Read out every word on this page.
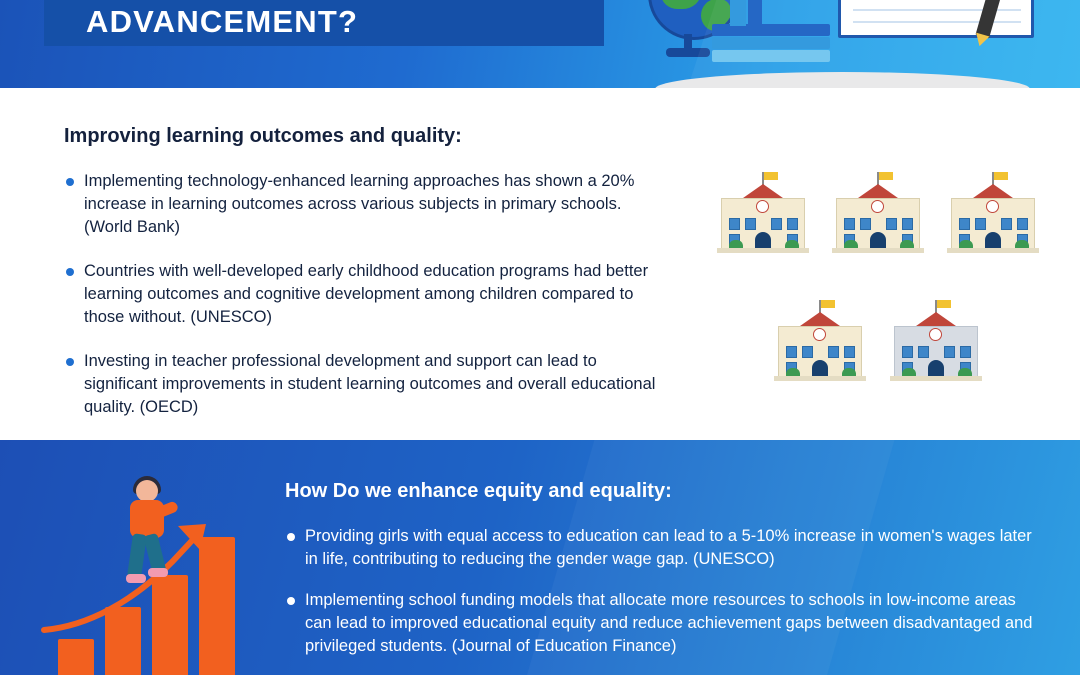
ADVANCEMENT?
Improving learning outcomes and quality:
Implementing technology-enhanced learning approaches has shown a 20% increase in learning outcomes across various subjects in primary schools. (World Bank)
Countries with well-developed early childhood education programs had better learning outcomes and cognitive development among children compared to those without. (UNESCO)
Investing in teacher professional development and support can lead to significant improvements in student learning outcomes and overall educational quality. (OECD)
How Do we enhance equity and equality:
Providing girls with equal access to education can lead to a 5-10% increase in women's wages later in life, contributing to reducing the gender wage gap. (UNESCO)
Implementing school funding models that allocate more resources to schools in low-income areas can lead to improved educational equity and reduce achievement gaps between disadvantaged and privileged students. (Journal of Education Finance)
